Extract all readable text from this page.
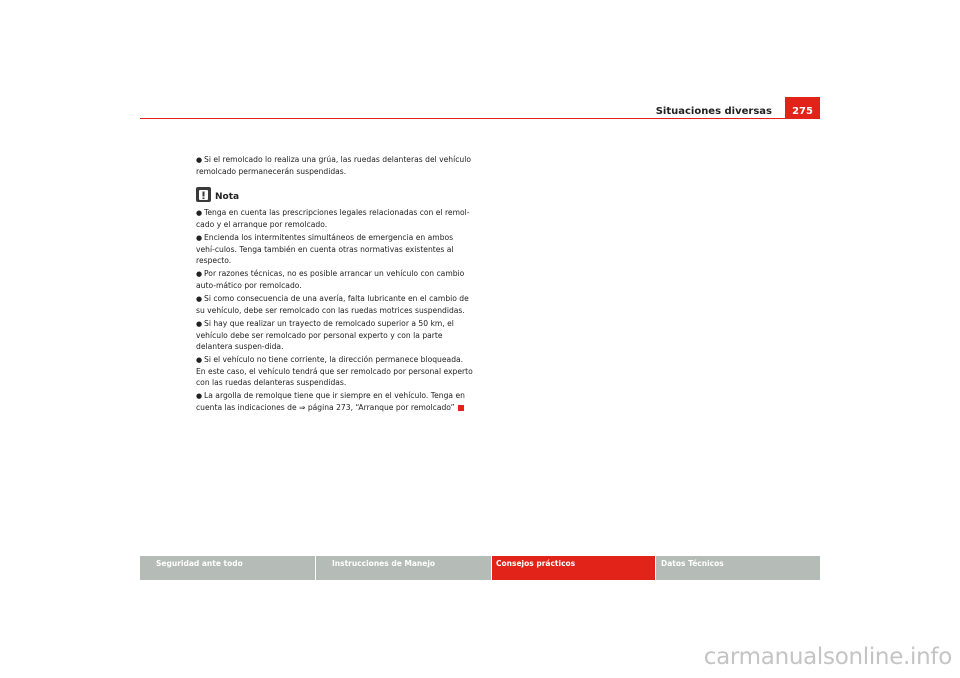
Situaciones diversas	275
● Si el remolcado lo realiza una grúa, las ruedas delanteras del vehículo remolcado permanecerán suspendidas.
Nota
● Tenga en cuenta las prescripciones legales relacionadas con el remol-cado y el arranque por remolcado.
● Encienda los intermitentes simultáneos de emergencia en ambos vehí-culos. Tenga también en cuenta otras normativas existentes al respecto.
● Por razones técnicas, no es posible arrancar un vehículo con cambio auto-mático por remolcado.
● Si como consecuencia de una avería, falta lubricante en el cambio de su vehículo, debe ser remolcado con las ruedas motrices suspendidas.
● Si hay que realizar un trayecto de remolcado superior a 50 km, el vehículo debe ser remolcado por personal experto y con la parte delantera suspen-dida.
● Si el vehículo no tiene corriente, la dirección permanece bloqueada. En este caso, el vehículo tendrá que ser remolcado por personal experto con las ruedas delanteras suspendidas.
● La argolla de remolque tiene que ir siempre en el vehículo. Tenga en cuenta las indicaciones de ⇒ página 273, “Arranque por remolcado”
Seguridad ante todo	Instrucciones de Manejo	Consejos prácticos	Datos Técnicos
carmanualsonline.info
